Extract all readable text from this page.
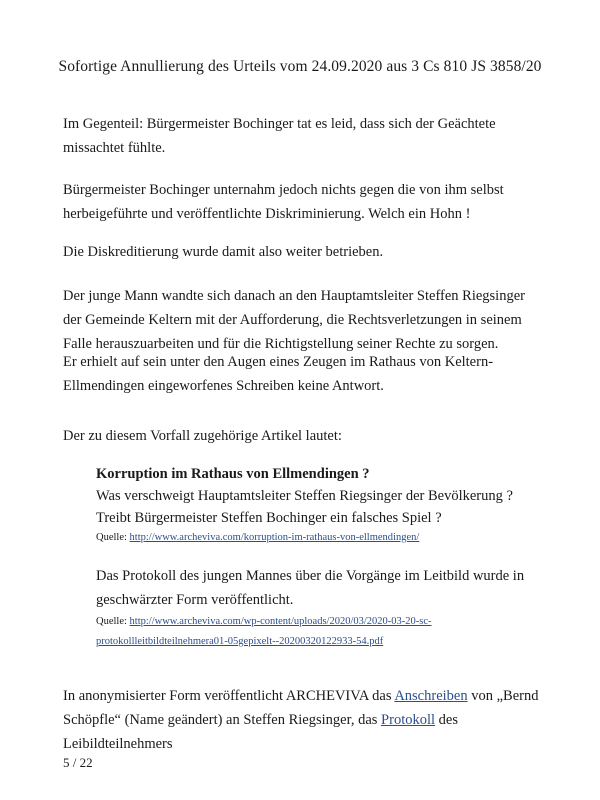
Sofortige Annullierung des Urteils vom 24.09.2020 aus 3 Cs 810 JS 3858/20
Im Gegenteil: Bürgermeister Bochinger tat es leid, dass sich der Geächtete missachtet fühlte.
Bürgermeister Bochinger unternahm jedoch nichts gegen die von ihm selbst herbeigeführte und veröffentlichte Diskriminierung. Welch ein Hohn !
Die Diskreditierung wurde damit also weiter betrieben.
Der junge Mann wandte sich danach an den Hauptamtsleiter Steffen Riegsinger der Gemeinde Keltern mit der Aufforderung, die Rechtsverletzungen in seinem Falle herauszuarbeiten und für die Richtigstellung seiner Rechte zu sorgen.
Er erhielt auf sein unter den Augen eines Zeugen im Rathaus von Keltern-Ellmendingen eingeworfenes Schreiben keine Antwort.
Der zu diesem Vorfall zugehörige Artikel lautet:
Korruption im Rathaus von Ellmendingen ?
Was verschweigt Hauptamtsleiter Steffen Riegsinger der Bevölkerung ?
Treibt Bürgermeister Steffen Bochinger ein falsches Spiel ?
Quelle: http://www.archeviva.com/korruption-im-rathaus-von-ellmendingen/
Das Protokoll des jungen Mannes über die Vorgänge im Leitbild wurde in geschwärzter Form veröffentlicht.
Quelle: http://www.archeviva.com/wp-content/uploads/2020/03/2020-03-20-sc-
protokollleitbildteilnehmera01-05gepixelt--20200320122933-54.pdf
In anonymisierter Form veröffentlicht ARCHEVIVA das Anschreiben von „Bernd Schöpfle“ (Name geändert) an Steffen Riegsinger, das Protokoll des Leibildteilnehmers
5 / 22
